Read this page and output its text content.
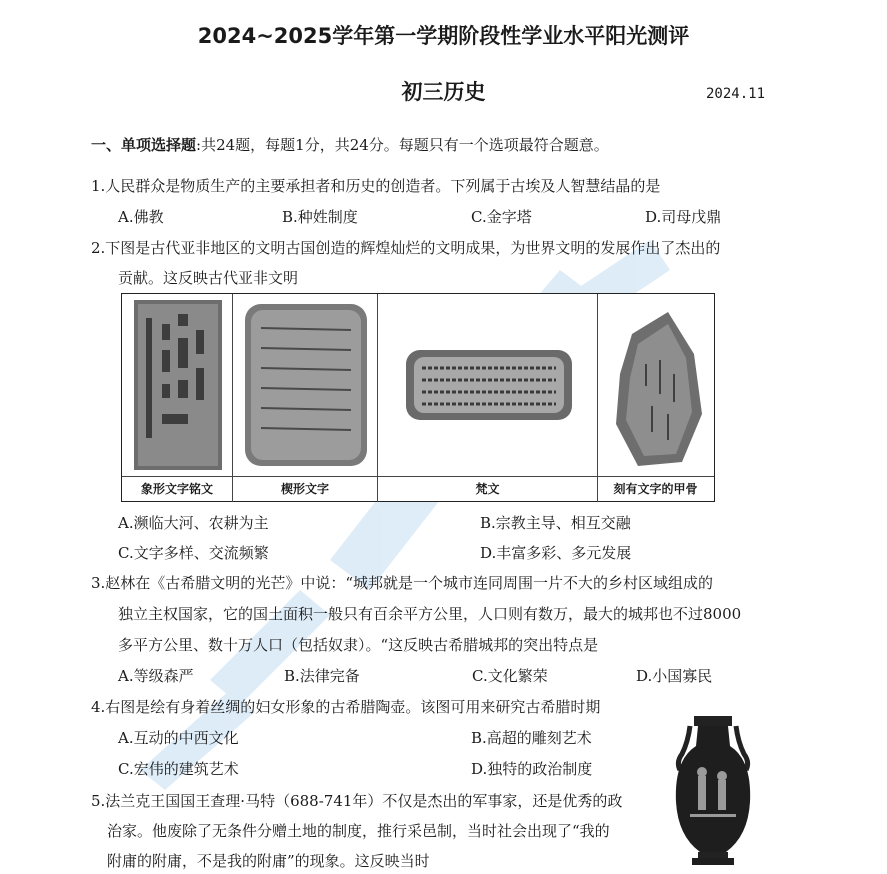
2024~2025学年第一学期阶段性学业水平阳光测评
初三历史	2024.11
一、单项选择题:共24题，每题1分，共24分。每题只有一个选项最符合题意。
1.人民群众是物质生产的主要承担者和历史的创造者。下列属于古埃及人智慧结晶的是
A.佛教	B.种姓制度	C.金字塔	D.司母戊鼎
2.下图是古代亚非地区的文明古国创造的辉煌灿烂的文明成果，为世界文明的发展作出了杰出的
贡献。这反映古代亚非文明
象形文字铭文	楔形文字	梵文	刻有文字的甲骨
A.濒临大河、农耕为主	B.宗教主导、相互交融
C.文字多样、交流频繁	D.丰富多彩、多元发展
3.赵林在《古希腊文明的光芒》中说：“城邦就是一个城市连同周围一片不大的乡村区域组成的
独立主权国家，它的国土面积一般只有百余平方公里，人口则有数万，最大的城邦也不过8000
多平方公里、数十万人口（包括奴隶）。“这反映古希腊城邦的突出特点是
A.等级森严	B.法律完备	C.文化繁荣	D.小国寡民
4.右图是绘有身着丝绸的妇女形象的古希腊陶壶。该图可用来研究古希腊时期
A.互动的中西文化	B.高超的雕刻艺术
C.宏伟的建筑艺术	D.独特的政治制度
5.法兰克王国国王查理·马特（688-741年）不仅是杰出的军事家，还是优秀的政
治家。他废除了无条件分赠土地的制度，推行采邑制，当时社会出现了“我的
附庸的附庸，不是我的附庸”的现象。这反映当时
